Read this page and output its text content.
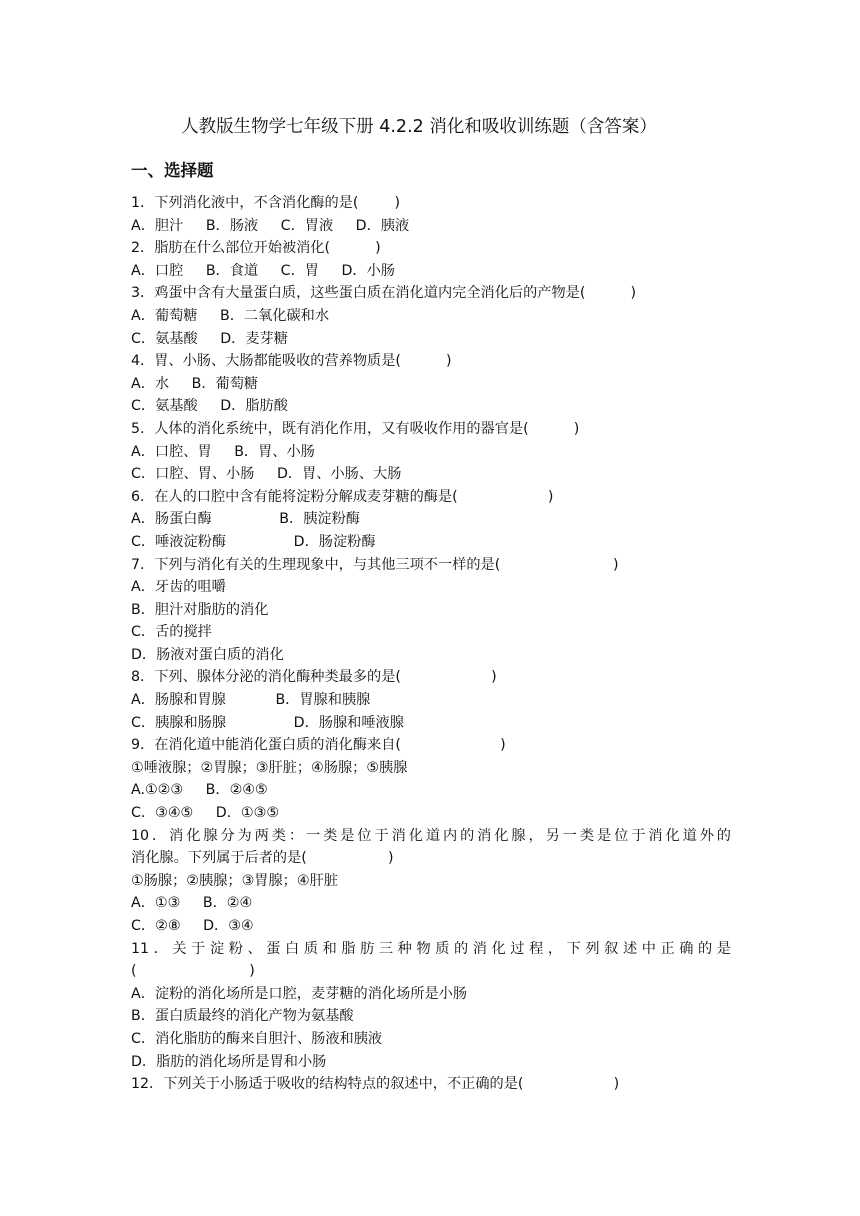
人教版生物学七年级下册 4.2.2 消化和吸收训练题（含答案）
一、选择题

1．下列消化液中，不含消化酶的是(        )

A．胆汁     B．肠液     C．胃液     D．胰液

2．脂肪在什么部位开始被消化(          )

A．口腔     B．食道     C．胃     D．小肠

3．鸡蛋中含有大量蛋白质，这些蛋白质在消化道内完全消化后的产物是(          )

A．葡萄糖     B．二氧化碳和水

C．氨基酸     D．麦芽糖

4．胃、小肠、大肠都能吸收的营养物质是(          )

A．水     B．葡萄糖

C．氨基酸     D．脂肪酸

5．人体的消化系统中，既有消化作用，又有吸收作用的器官是(          )

A．口腔、胃     B．胃、小肠

C．口腔、胃、小肠     D．胃、小肠、大肠

6．在人的口腔中含有能将淀粉分解成麦芽糖的酶是(                    )

A．肠蛋白酶               B．胰淀粉酶

C．唾液淀粉酶               D．肠淀粉酶

7．下列与消化有关的生理现象中，与其他三项不一样的是(                         )

A．牙齿的咀嚼

B．胆汁对脂肪的消化

C．舌的搅拌

D．肠液对蛋白质的消化

8．下列、腺体分泌的消化酶种类最多的是(                    )

A．肠腺和胃腺           B．胃腺和胰腺

C．胰腺和肠腺               D．肠腺和唾液腺

9．在消化道中能消化蛋白质的消化酶来自(                      )

①唾液腺；②胃腺；③肝脏；④肠腺；⑤胰腺

A.①②③     B．②④⑤

C．③④⑤     D．①③⑤

10．消化腺分为两类：一类是位于消化道内的消化腺，另一类是位于消化道外的

消化腺。下列属于后者的是(                  )

①肠腺；②胰腺；③胃腺；④肝脏

A．①③     B．②④

C．②⑧     D．③④

11．关于淀粉、蛋白质和脂肪三种物质的消化过程，下列叙述中正确的是

(                         )

A．淀粉的消化场所是口腔，麦芽糖的消化场所是小肠

B．蛋白质最终的消化产物为氨基酸

C．消化脂肪的酶来自胆汁、肠液和胰液

D．脂肪的消化场所是胃和小肠

12．下列关于小肠适于吸收的结构特点的叙述中，不正确的是(                    )
